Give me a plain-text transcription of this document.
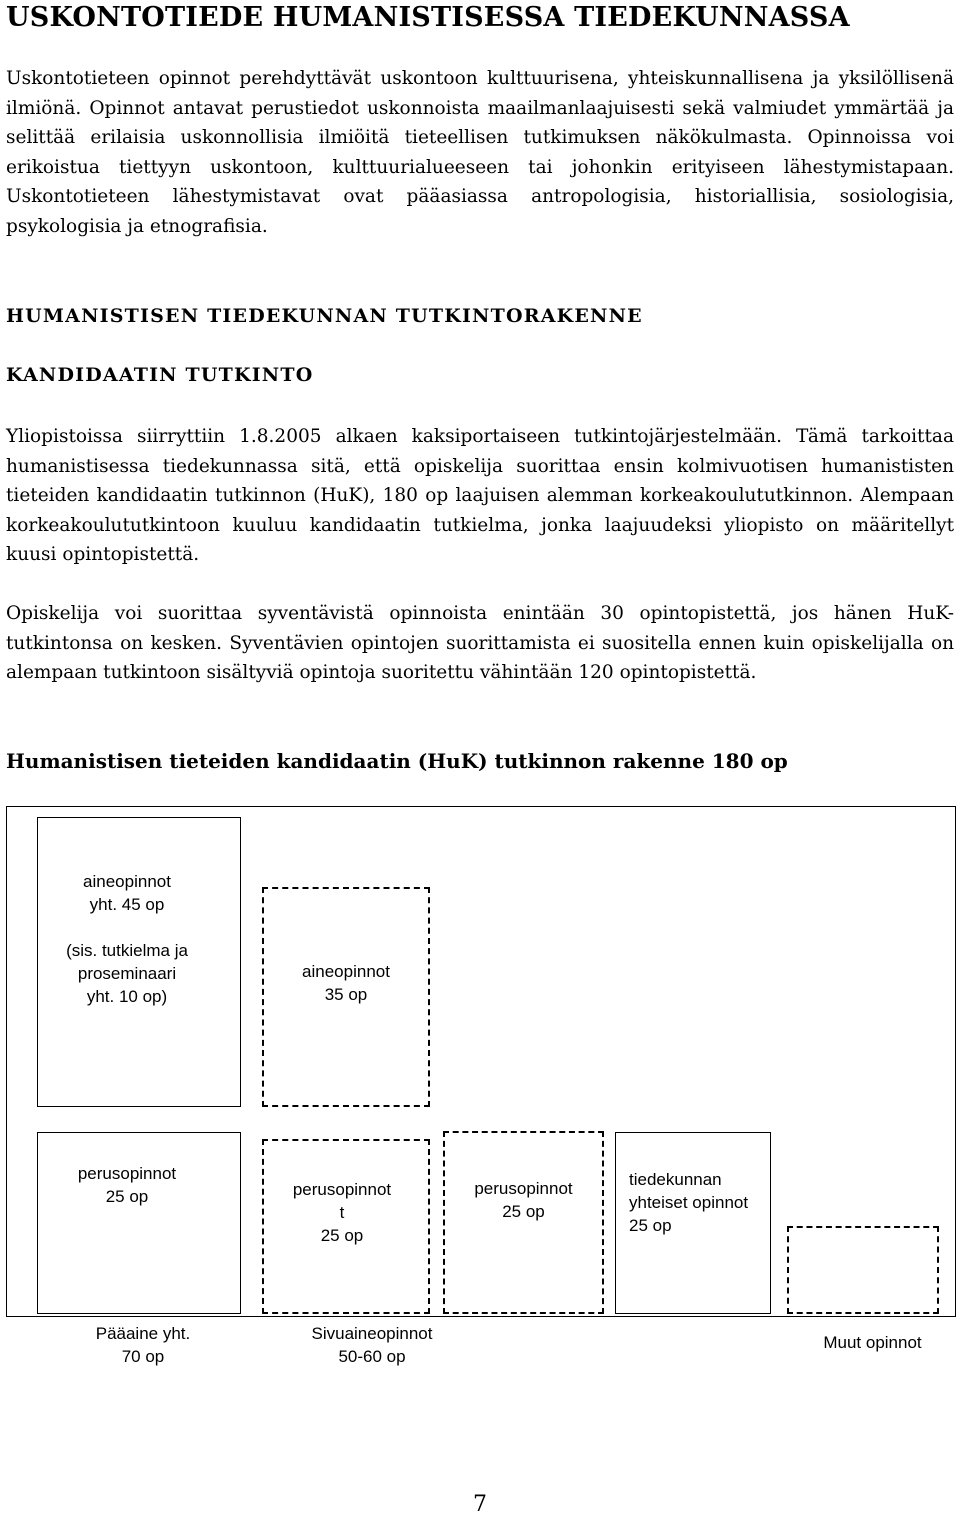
USKONTOTIEDE HUMANISTISESSA TIEDEKUNNASSA

Uskontotieteen opinnot perehdyttävät uskontoon kulttuurisena, yhteiskunnallisena ja yksilöllisenä ilmiönä. Opinnot antavat perustiedot uskonnoista maailmanlaajuisesti sekä valmiudet ymmärtää ja selittää erilaisia uskonnollisia ilmiöitä tieteellisen tutkimuksen näkökulmasta. Opinnoissa voi erikoistua tiettyyn uskontoon, kulttuurialueeseen tai johonkin erityiseen lähestymistapaan. Uskontotieteen lähestymistavat ovat pääasiassa antropologisia, historiallisia, sosiologisia, psykologisia ja etnografisia.

HUMANISTISEN TIEDEKUNNAN TUTKINTORAKENNE
KANDIDAATIN TUTKINTO

Yliopistoissa siirryttiin 1.8.2005 alkaen kaksiportaiseen tutkintojärjestelmään. Tämä tarkoittaa humanistisessa tiedekunnassa sitä, että opiskelija suorittaa ensin kolmivuotisen humanististen tieteiden kandidaatin tutkinnon (HuK), 180 op laajuisen alemman korkeakoulututkinnon. Alempaan korkeakoulututkintoon kuuluu kandidaatin tutkielma, jonka laajuudeksi yliopisto on määritellyt kuusi opintopistettä.

Opiskelija voi suorittaa syventävistä opinnoista enintään 30 opintopistettä, jos hänen HuK-tutkintonsa on kesken. Syventävien opintojen suorittamista ei suositella ennen kuin opiskelijalla on alempaan tutkintoon sisältyviä opintoja suoritettu vähintään 120 opintopistettä.

Humanistisen tieteiden kandidaatin (HuK) tutkinnon rakenne 180 op
aineopinnot
yht. 45 op
(sis. tutkielma ja
proseminaari
yht. 10 op)
perusopinnot
25 op
aineopinnot
35 op
perusopinnot
t
25 op
perusopinnot
25 op
tiedekunnan
yhteiset opinnot
25 op
Pääaine yht.
70 op
Sivuaineopinnot
50-60 op
Muut opinnot
7
